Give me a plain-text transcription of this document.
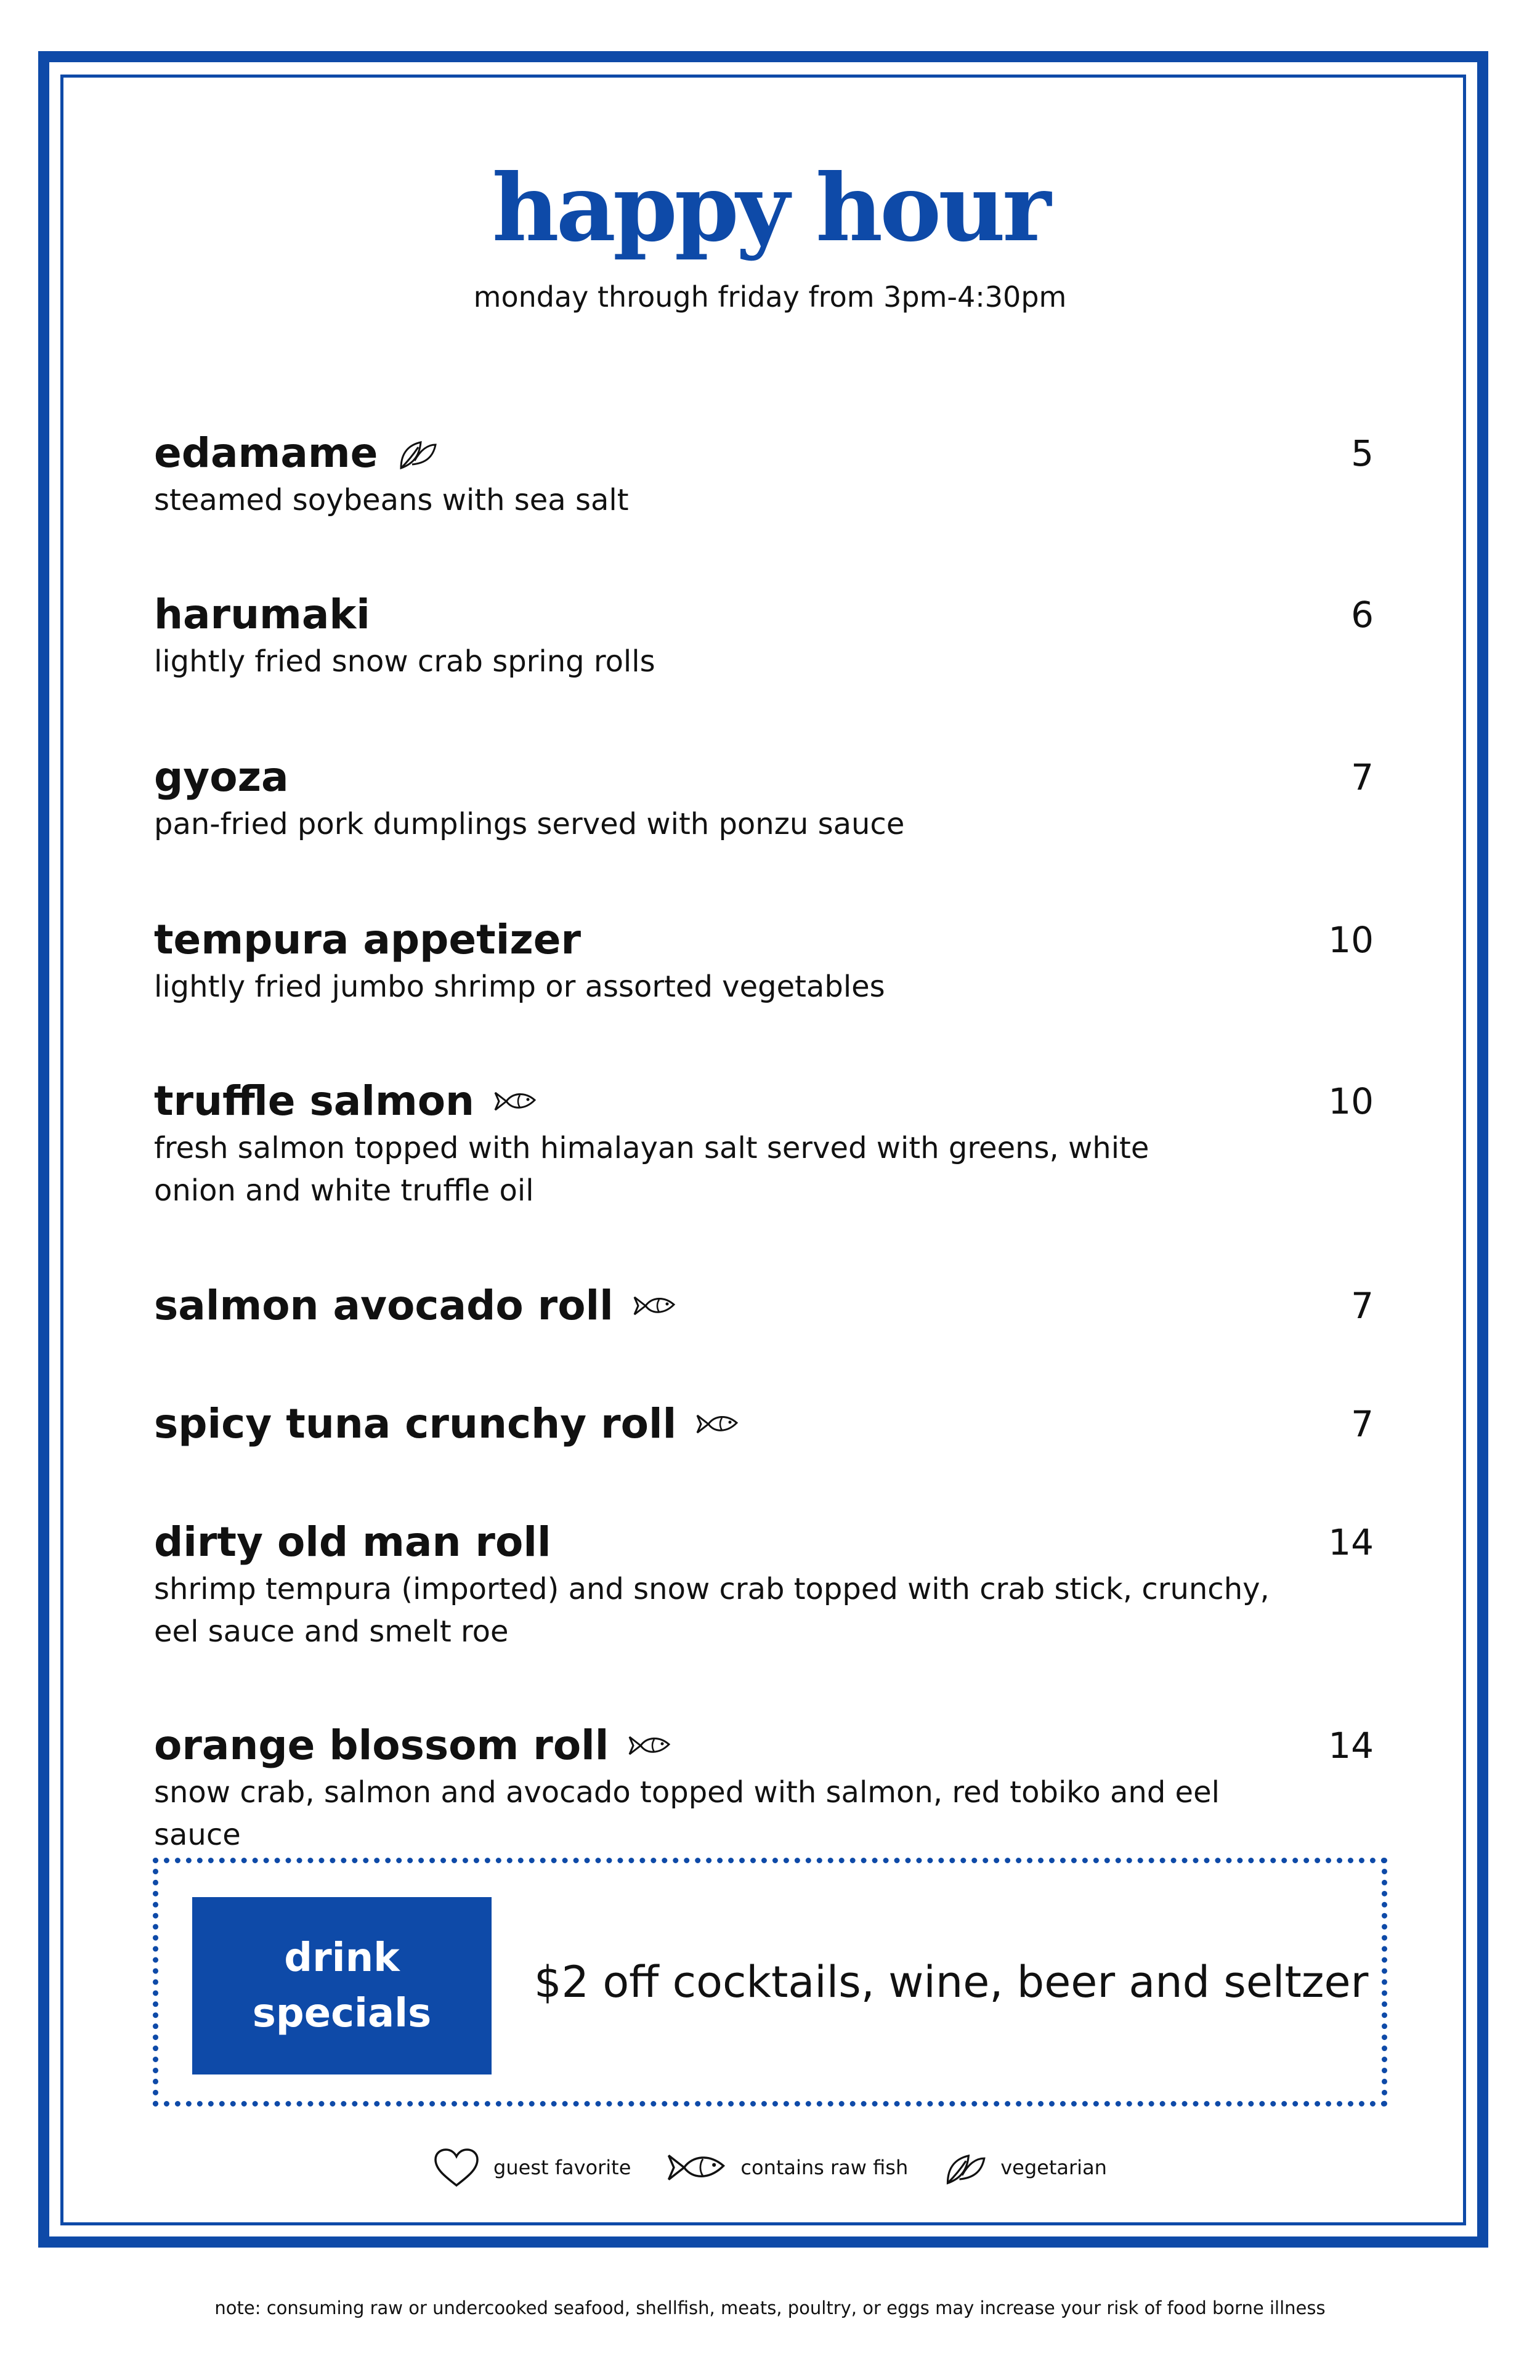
happy hour
monday through friday from 3pm-4:30pm
edamame
steamed soybeans with sea salt
5
harumaki
lightly fried snow crab spring rolls
6
gyoza
pan-fried pork dumplings served with ponzu sauce
7
tempura appetizer
lightly fried jumbo shrimp or assorted vegetables
10
truffle salmon
fresh salmon topped with himalayan salt served with greens, white
onion and white truffle oil
10
salmon avocado roll	7
spicy tuna crunchy roll	7
dirty old man roll
shrimp tempura (imported) and snow crab topped with crab stick, crunchy,
eel sauce and smelt roe
14
orange blossom roll
snow crab, salmon and avocado topped with salmon, red tobiko and eel sauce
14
drink
specials
$2 off cocktails, wine, beer and seltzer
guest favorite	contains raw fish	vegetarian
note: consuming raw or undercooked seafood, shellfish, meats, poultry, or eggs may increase your risk of food borne illness
